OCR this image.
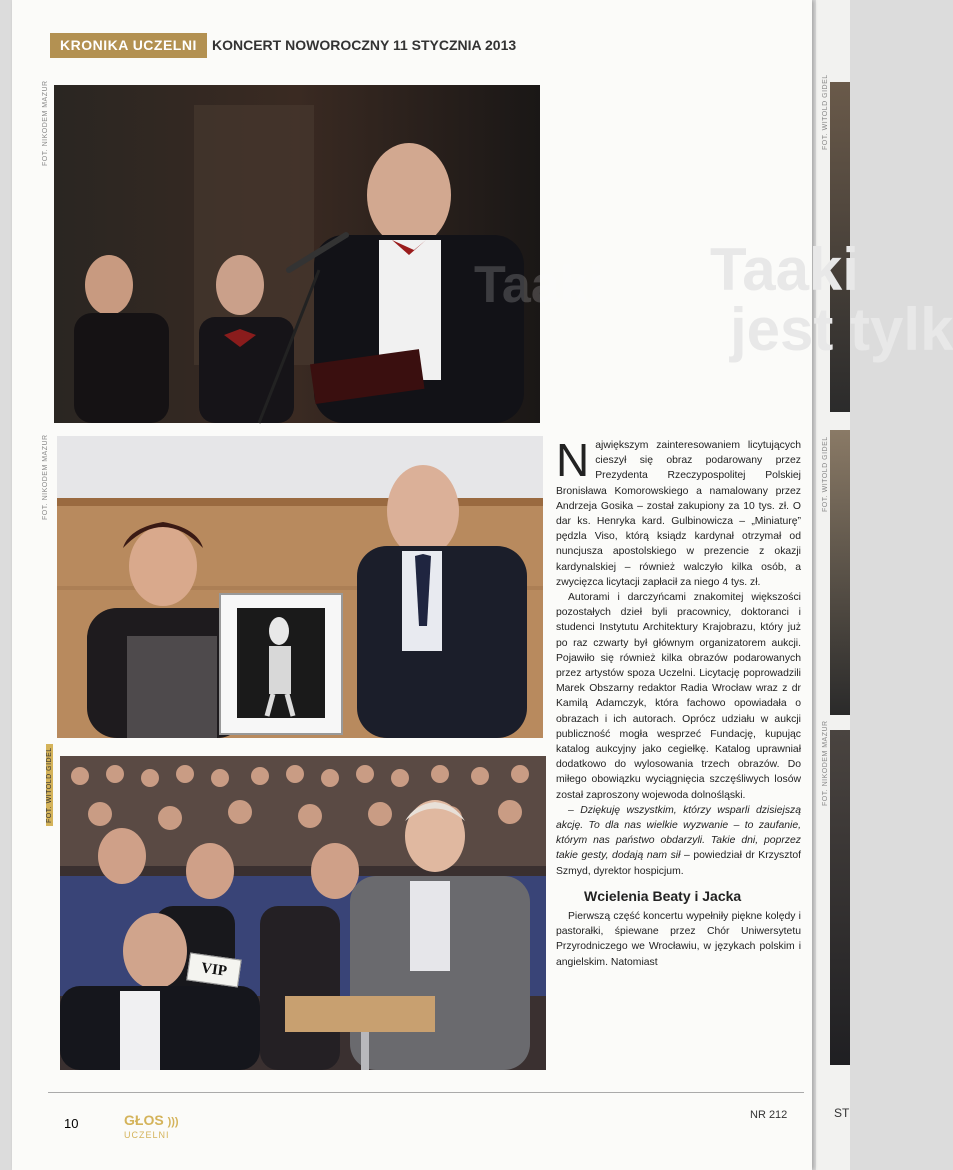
FOT. WITOLD GIDEL
FOT. WITOLD GIDEL
FOT. NIKODEM MAZUR
ST
KRONIKA UCZELNI	KONCERT NOWOROCZNY 11 STYCZNIA 2013
Taaki	Taaki
jest tylk
FOT. NIKODEM MAZUR
FOT. NIKODEM MAZUR
VIP
FOT. WITOLD GIDEL

Największym zainteresowaniem licytujących cieszył się obraz podarowany przez Prezydenta Rzeczypospolitej Polskiej Bronisława Komorowskiego a namalowany przez Andrzeja Gosika – został zakupiony za 10 tys. zł. O dar ks. Henryka kard. Gulbinowicza – „Miniaturę” pędzla Viso, którą ksiądz kardynał otrzymał od nuncjusza apostolskiego w prezencie z okazji kardynalskiej – również walczyło kilka osób, a zwycięzca licytacji zapłacił za niego 4 tys. zł.

Autorami i darczyńcami znakomitej większości pozostałych dzieł byli pracownicy, doktoranci i studenci Instytutu Architektury Krajobrazu, który już po raz czwarty był głównym organizatorem aukcji. Pojawiło się również kilka obrazów podarowanych przez artystów spoza Uczelni. Licytację poprowadzili Marek Obszarny redaktor Radia Wrocław wraz z dr Kamilą Adamczyk, która fachowo opowiadała o obrazach i ich autorach. Oprócz udziału w aukcji publiczność mogła wesprzeć Fundację, kupując katalog aukcyjny jako cegiełkę. Katalog uprawniał dodatkowo do wylosowania trzech obrazów. Do miłego obowiązku wyciągnięcia szczęśliwych losów został zaproszony wojewoda dolnośląski.

– Dziękuję wszystkim, którzy wsparli dzisiejszą akcję. To dla nas wielkie wyzwanie – to zaufanie, którym nas państwo obdarzyli. Takie dni, poprzez takie gesty, dodają nam sił – powiedział dr Krzysztof Szmyd, dyrektor hospicjum.

Wcielenia Beaty i Jacka

Pierwszą część koncertu wypełniły piękne kolędy i pastorałki, śpiewane przez Chór Uniwersytetu Przyrodniczego we Wrocławiu, w językach polskim i angielskim. Natomiast

10	GŁOS )))
UCZELNI
NR 212
